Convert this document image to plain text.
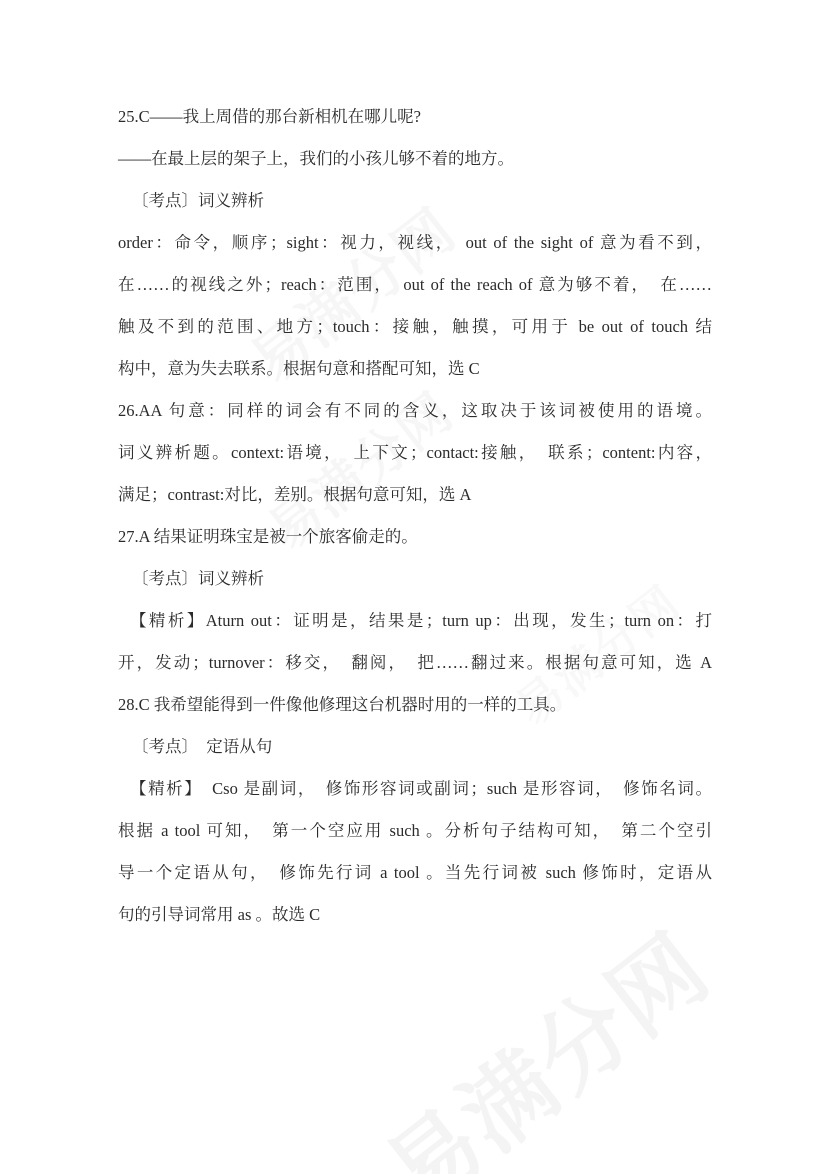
25.C——我上周借的那台新相机在哪儿呢?

——在最上层的架子上，我们的小孩儿够不着的地方。

〔考点〕词义辨析

order：命令，顺序；sight：视力，视线，　out of the sight of 意为看不到，

在……的视线之外；reach：范围，　out of the reach of 意为够不着，　在……

触及不到的范围、地方；touch：接触，触摸，可用于 be out of touch 结

构中，意为失去联系。根据句意和搭配可知，选 C

26.AA 句意：同样的词会有不同的含义，这取决于该词被使用的语境。

词义辨析题。context:语境，　上下文；contact:接触，　联系；content:内容，

满足；contrast:对比，差别。根据句意可知，选 A

27.A 结果证明珠宝是被一个旅客偷走的。

〔考点〕词义辨析

【精析】Aturn out：证明是，结果是；turn up：出现，发生；turn on：打

开，发动；turnover：移交，　翻阅，　把……翻过来。根据句意可知，选 A

28.C 我希望能得到一件像他修理这台机器时用的一样的工具。

〔考点〕　定语从句

【精析】　Cso 是副词，　修饰形容词或副词；such 是形容词，　修饰名词。

根据 a tool 可知，　第一个空应用 such 。分析句子结构可知，　第二个空引

导一个定语从句，　修饰先行词 a tool 。当先行词被 such 修饰时，定语从

句的引导词常用 as 。故选 C
